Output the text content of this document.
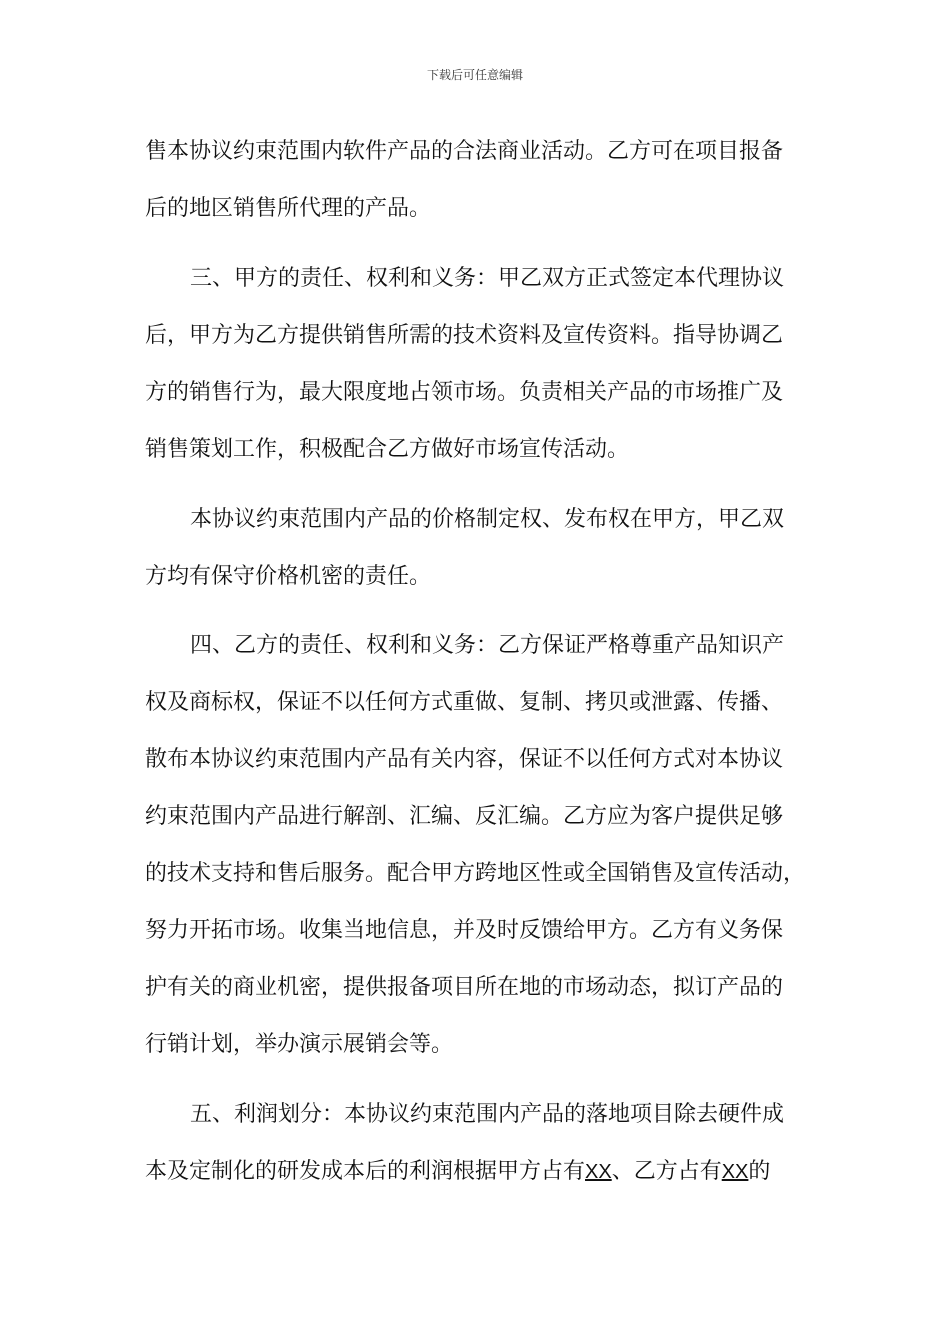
下载后可任意编辑
售本协议约束范围内软件产品的合法商业活动。乙方可在项目报备
后的地区销售所代理的产品。
三、甲方的责任、权利和义务：甲乙双方正式签定本代理协议
后，甲方为乙方提供销售所需的技术资料及宣传资料。指导协调乙
方的销售行为，最大限度地占领市场。负责相关产品的市场推广及
销售策划工作，积极配合乙方做好市场宣传活动。
本协议约束范围内产品的价格制定权、发布权在甲方，甲乙双
方均有保守价格机密的责任。
四、乙方的责任、权利和义务：乙方保证严格尊重产品知识产
权及商标权，保证不以任何方式重做、复制、拷贝或泄露、传播、
散布本协议约束范围内产品有关内容，保证不以任何方式对本协议
约束范围内产品进行解剖、汇编、反汇编。乙方应为客户提供足够
的技术支持和售后服务。配合甲方跨地区性或全国销售及宣传活动，
努力开拓市场。收集当地信息，并及时反馈给甲方。乙方有义务保
护有关的商业机密，提供报备项目所在地的市场动态，拟订产品的
行销计划，举办演示展销会等。
五、利润划分：本协议约束范围内产品的落地项目除去硬件成
本及定制化的研发成本后的利润根据甲方占有XX、乙方占有XX的
